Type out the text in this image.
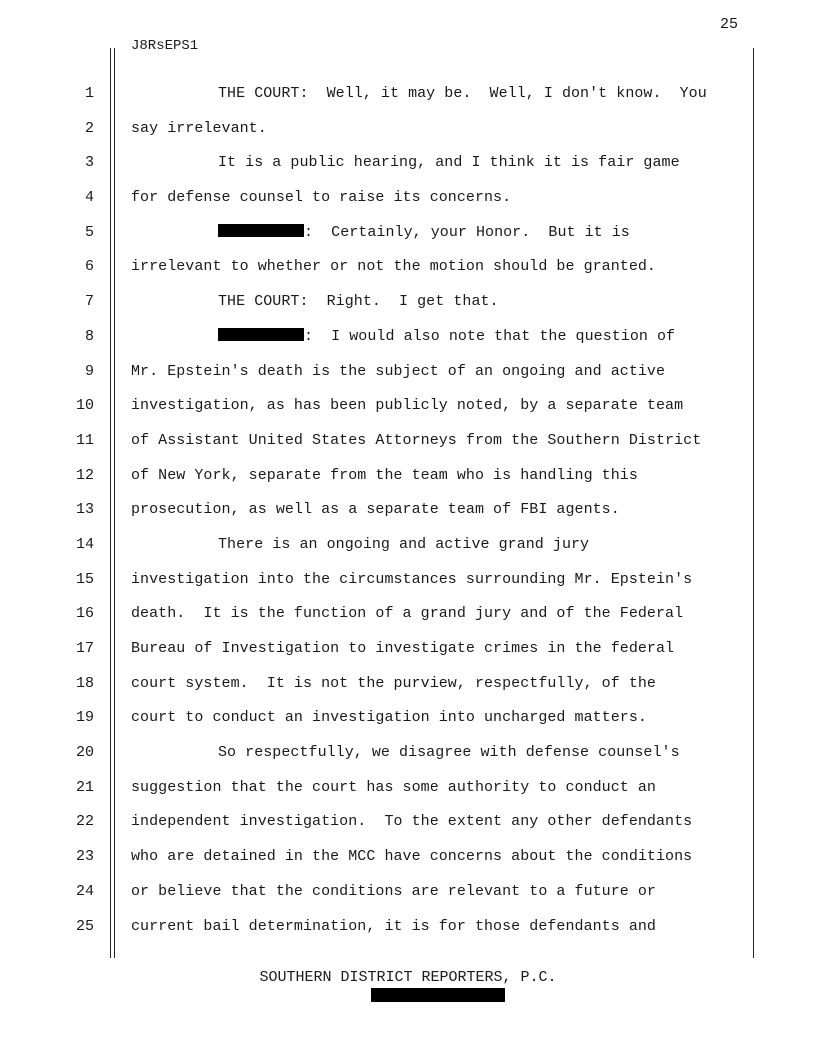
25
J8RsEPS1
1	THE COURT:  Well, it may be.  Well, I don't know.  You
2 say irrelevant.
3	It is a public hearing, and I think it is fair game
4 for defense counsel to raise its concerns.
5	:  Certainly, your Honor.  But it is
6 irrelevant to whether or not the motion should be granted.
7	THE COURT:  Right.  I get that.
8	:  I would also note that the question of
9 Mr. Epstein's death is the subject of an ongoing and active
10 investigation, as has been publicly noted, by a separate team
11 of Assistant United States Attorneys from the Southern District
12 of New York, separate from the team who is handling this
13 prosecution, as well as a separate team of FBI agents.
14	There is an ongoing and active grand jury
15 investigation into the circumstances surrounding Mr. Epstein's
16 death.  It is the function of a grand jury and of the Federal
17 Bureau of Investigation to investigate crimes in the federal
18 court system.  It is not the purview, respectfully, of the
19 court to conduct an investigation into uncharged matters.
20	So respectfully, we disagree with defense counsel's
21 suggestion that the court has some authority to conduct an
22 independent investigation.  To the extent any other defendants
23 who are detained in the MCC have concerns about the conditions
24 or believe that the conditions are relevant to a future or
25 current bail determination, it is for those defendants and
SOUTHERN DISTRICT REPORTERS, P.C.
